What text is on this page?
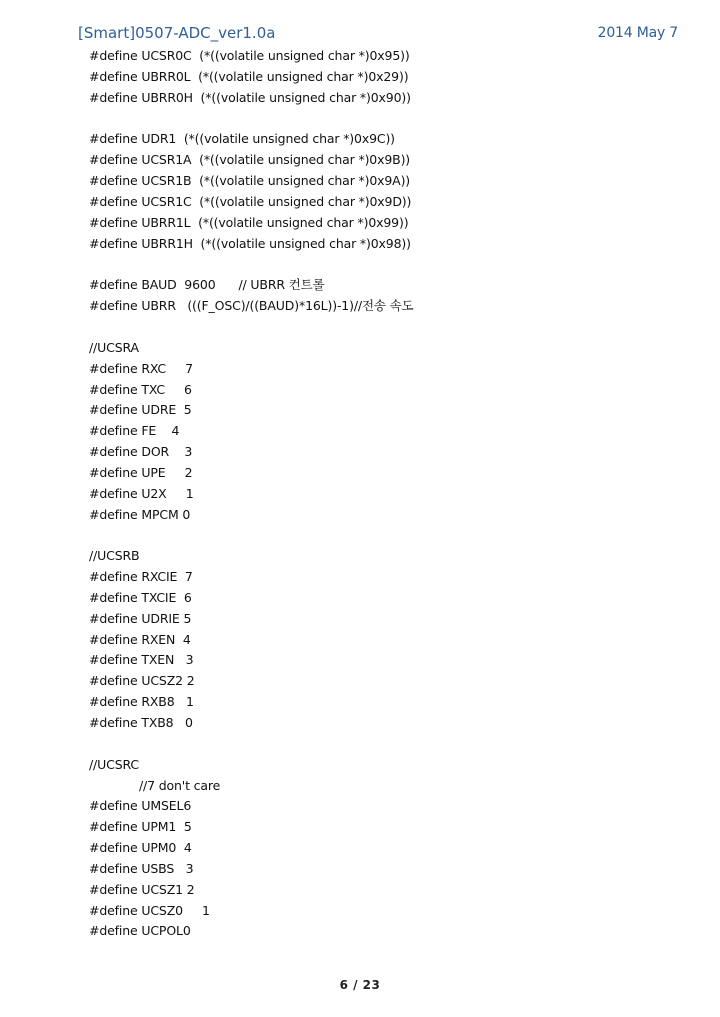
[Smart]0507-ADC_ver1.0a	2014 May 7
#define UCSR0C  (*((volatile unsigned char *)0x95))
#define UBRR0L  (*((volatile unsigned char *)0x29))
#define UBRR0H  (*((volatile unsigned char *)0x90))

#define UDR1  (*((volatile unsigned char *)0x9C))
#define UCSR1A  (*((volatile unsigned char *)0x9B))
#define UCSR1B  (*((volatile unsigned char *)0x9A))
#define UCSR1C  (*((volatile unsigned char *)0x9D))
#define UBRR1L  (*((volatile unsigned char *)0x99))
#define UBRR1H  (*((volatile unsigned char *)0x98))

#define BAUD  9600      // UBRR 컨트롤
#define UBRR   (((F_OSC)/((BAUD)*16L))-1)//전송 속도

//UCSRA
#define RXC     7
#define TXC     6
#define UDRE  5
#define FE    4
#define DOR    3
#define UPE     2
#define U2X     1
#define MPCM 0

//UCSRB
#define RXCIE  7
#define TXCIE  6
#define UDRIE 5
#define RXEN  4
#define TXEN   3
#define UCSZ2 2
#define RXB8   1
#define TXB8   0

//UCSRC
//7 don't care
#define UMSEL6
#define UPM1  5
#define UPM0  4
#define USBS   3
#define UCSZ1 2
#define UCSZ0     1
#define UCPOL0
6 / 23
